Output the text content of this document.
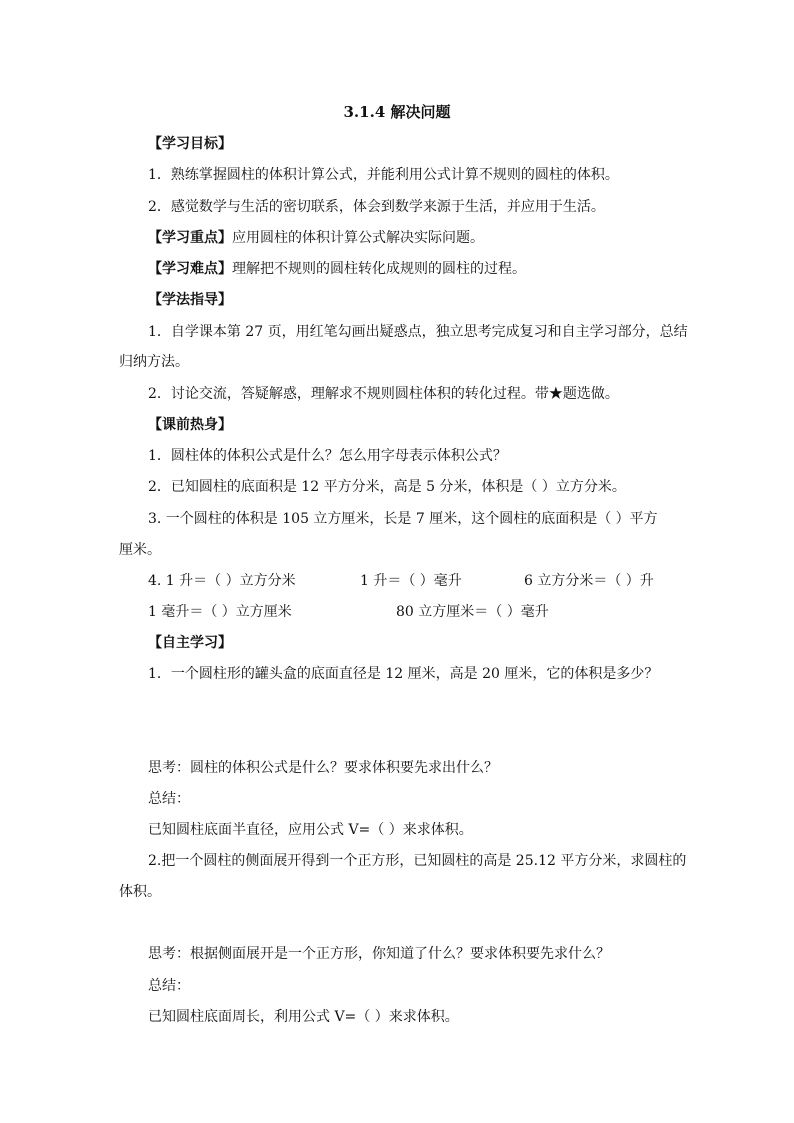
3.1.4 解决问题
【学习目标】
1．熟练掌握圆柱的体积计算公式，并能利用公式计算不规则的圆柱的体积。
2．感觉数学与生活的密切联系，体会到数学来源于生活，并应用于生活。
【学习重点】应用圆柱的体积计算公式解决实际问题。
【学习难点】理解把不规则的圆柱转化成规则的圆柱的过程。
【学法指导】
1．自学课本第 27 页，用红笔勾画出疑惑点，独立思考完成复习和自主学习部分，总结
归纳方法。
2．讨论交流，答疑解惑，理解求不规则圆柱体积的转化过程。带★题选做。
【课前热身】
1．圆柱体的体积公式是什么？怎么用字母表示体积公式？
2．已知圆柱的底面积是 12 平方分米，高是 5 分米，体积是（ ）立方分米。
3. 一个圆柱的体积是 105 立方厘米，长是 7 厘米，这个圆柱的底面积是（ ）平方
厘米。
4. 1 升＝（ ）立方分米	1 升＝（ ）毫升	6 立方分米＝（ ）升
1 毫升＝（ ）立方厘米	80 立方厘米＝（ ）毫升
【自主学习】
1．一个圆柱形的罐头盒的底面直径是 12 厘米，高是 20 厘米，它的体积是多少？
思考：圆柱的体积公式是什么？要求体积要先求出什么？
总结：
已知圆柱底面半直径，应用公式 V=（ ）来求体积。
2.把一个圆柱的侧面展开得到一个正方形，已知圆柱的高是 25.12 平方分米，求圆柱的
体积。
思考：根据侧面展开是一个正方形，你知道了什么？要求体积要先求什么？
总结：
已知圆柱底面周长，利用公式 V=（ ）来求体积。
